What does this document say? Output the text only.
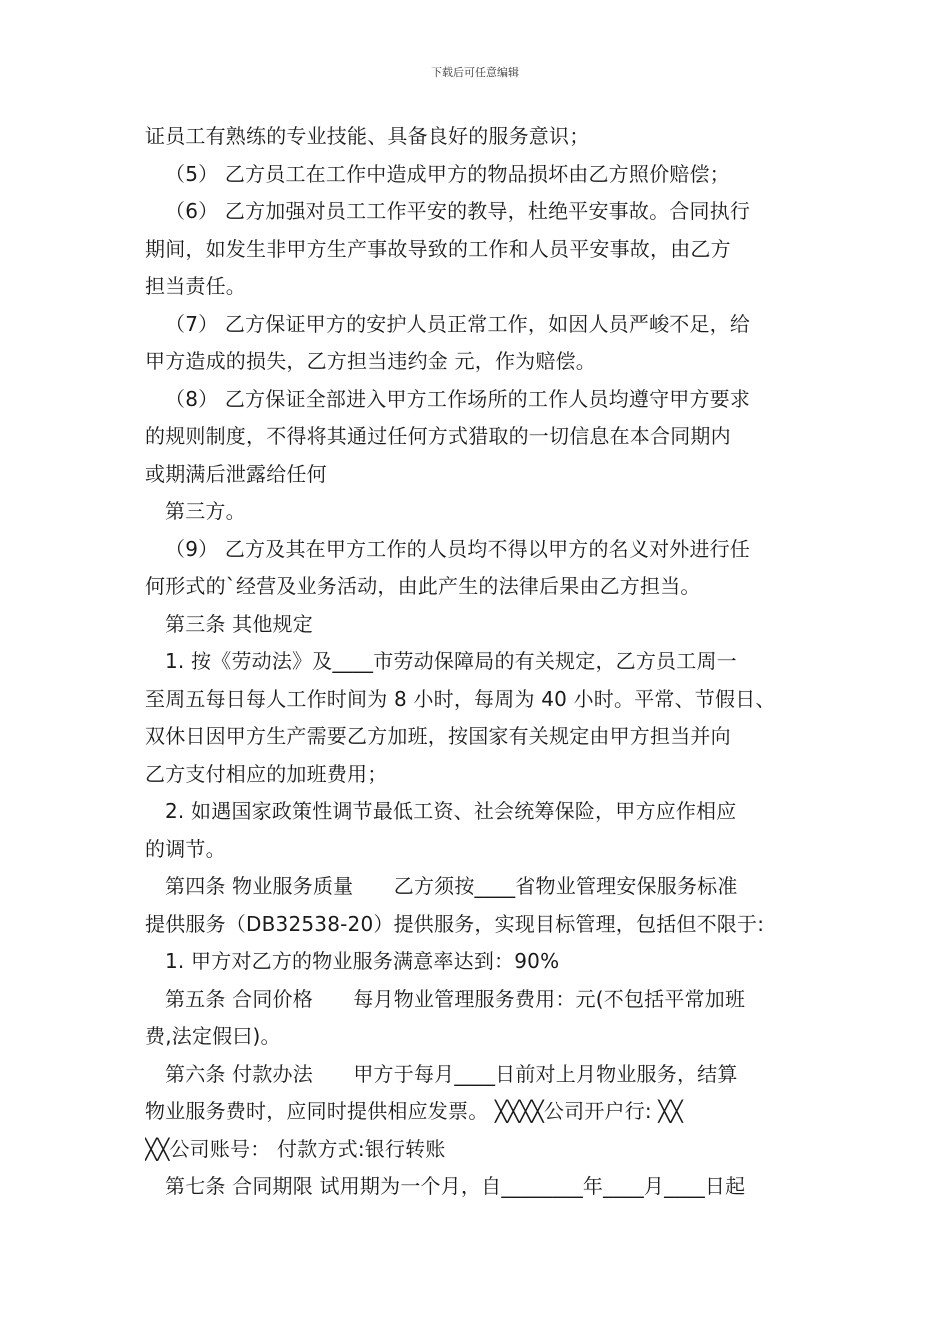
下载后可任意编辑
证员工有熟练的专业技能、具备良好的服务意识；
（5） 乙方员工在工作中造成甲方的物品损坏由乙方照价赔偿；
（6） 乙方加强对员工工作平安的教导，杜绝平安事故。合同执行
期间，如发生非甲方生产事故导致的工作和人员平安事故，由乙方
担当责任。
（7） 乙方保证甲方的安护人员正常工作，如因人员严峻不足，给
甲方造成的损失，乙方担当违约金 元，作为赔偿。
（8） 乙方保证全部进入甲方工作场所的工作人员均遵守甲方要求
的规则制度，不得将其通过任何方式猎取的一切信息在本合同期内
或期满后泄露给任何
第三方。
（9） 乙方及其在甲方工作的人员均不得以甲方的名义对外进行任
何形式的`经营及业务活动，由此产生的法律后果由乙方担当。
第三条 其他规定
1. 按《劳动法》及____市劳动保障局的有关规定，乙方员工周一
至周五每日每人工作时间为 8 小时，每周为 40 小时。平常、节假日、
双休日因甲方生产需要乙方加班，按国家有关规定由甲方担当并向
乙方支付相应的加班费用；
2. 如遇国家政策性调节最低工资、社会统筹保险，甲方应作相应
的调节。
第四条 物业服务质量　　乙方须按____省物业管理安保服务标准
提供服务（DB32538-20）提供服务，实现目标管理，包括但不限于:
1. 甲方对乙方的物业服务满意率达到：90%
第五条 合同价格　　每月物业管理服务费用：元(不包括平常加班
费,法定假曰)。
第六条 付款办法　　甲方于每月____日前对上月物业服务，结算
物业服务费时，应同时提供相应发票。 ╳╳╳╳公司开户行: ╳╳
╳╳公司账号： 付款方式:银行转账
第七条 合同期限 试用期为一个月，自________年____月____日起
